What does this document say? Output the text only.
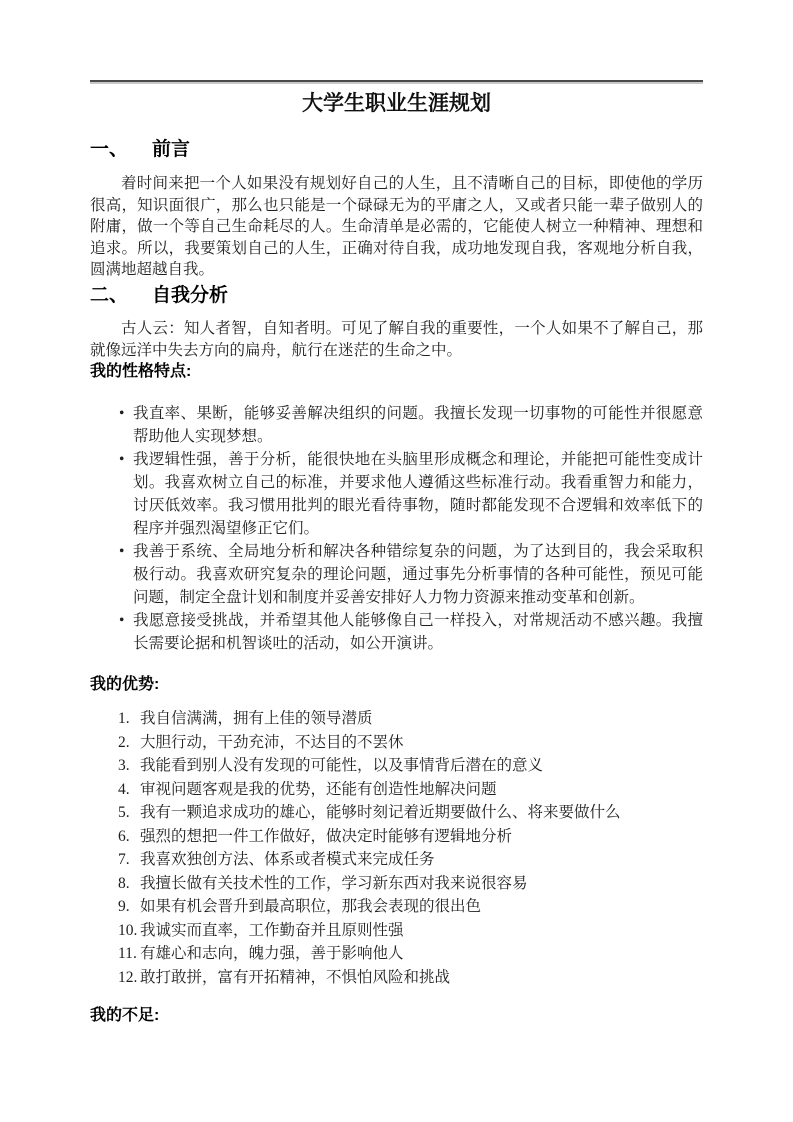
大学生职业生涯规划
一、 前言

着时间来把一个人如果没有规划好自己的人生，且不清晰自己的目标，即使他的学历很高，知识面很广，那么也只能是一个碌碌无为的平庸之人，又或者只能一辈子做别人的附庸，做一个等自己生命耗尽的人。生命清单是必需的，它能使人树立一种精神、理想和追求。所以，我要策划自己的人生，正确对待自我，成功地发现自我，客观地分析自我，圆满地超越自我。

二、 自我分析

古人云：知人者智，自知者明。可见了解自我的重要性，一个人如果不了解自己，那就像远洋中失去方向的扁舟，航行在迷茫的生命之中。

我的性格特点:
• 我直率、果断，能够妥善解决组织的问题。我擅长发现一切事物的可能性并很愿意帮助他人实现梦想。
• 我逻辑性强，善于分析，能很快地在头脑里形成概念和理论，并能把可能性变成计划。我喜欢树立自己的标准，并要求他人遵循这些标准行动。我看重智力和能力，讨厌低效率。我习惯用批判的眼光看待事物，随时都能发现不合逻辑和效率低下的程序并强烈渴望修正它们。
• 我善于系统、全局地分析和解决各种错综复杂的问题，为了达到目的，我会采取积极行动。我喜欢研究复杂的理论问题，通过事先分析事情的各种可能性，预见可能问题，制定全盘计划和制度并妥善安排好人力物力资源来推动变革和创新。
• 我愿意接受挑战，并希望其他人能够像自己一样投入，对常规活动不感兴趣。我擅长需要论据和机智谈吐的活动，如公开演讲。
我的优势:
我自信满满，拥有上佳的领导潜质
大胆行动，干劲充沛，不达目的不罢休
我能看到别人没有发现的可能性，以及事情背后潜在的意义
审视问题客观是我的优势，还能有创造性地解决问题
我有一颗追求成功的雄心，能够时刻记着近期要做什么、将来要做什么
强烈的想把一件工作做好，做决定时能够有逻辑地分析
我喜欢独创方法、体系或者模式来完成任务
我擅长做有关技术性的工作，学习新东西对我来说很容易
如果有机会晋升到最高职位，那我会表现的很出色
我诚实而直率，工作勤奋并且原则性强
有雄心和志向，魄力强，善于影响他人
敢打敢拼，富有开拓精神，不惧怕风险和挑战
我的不足:
